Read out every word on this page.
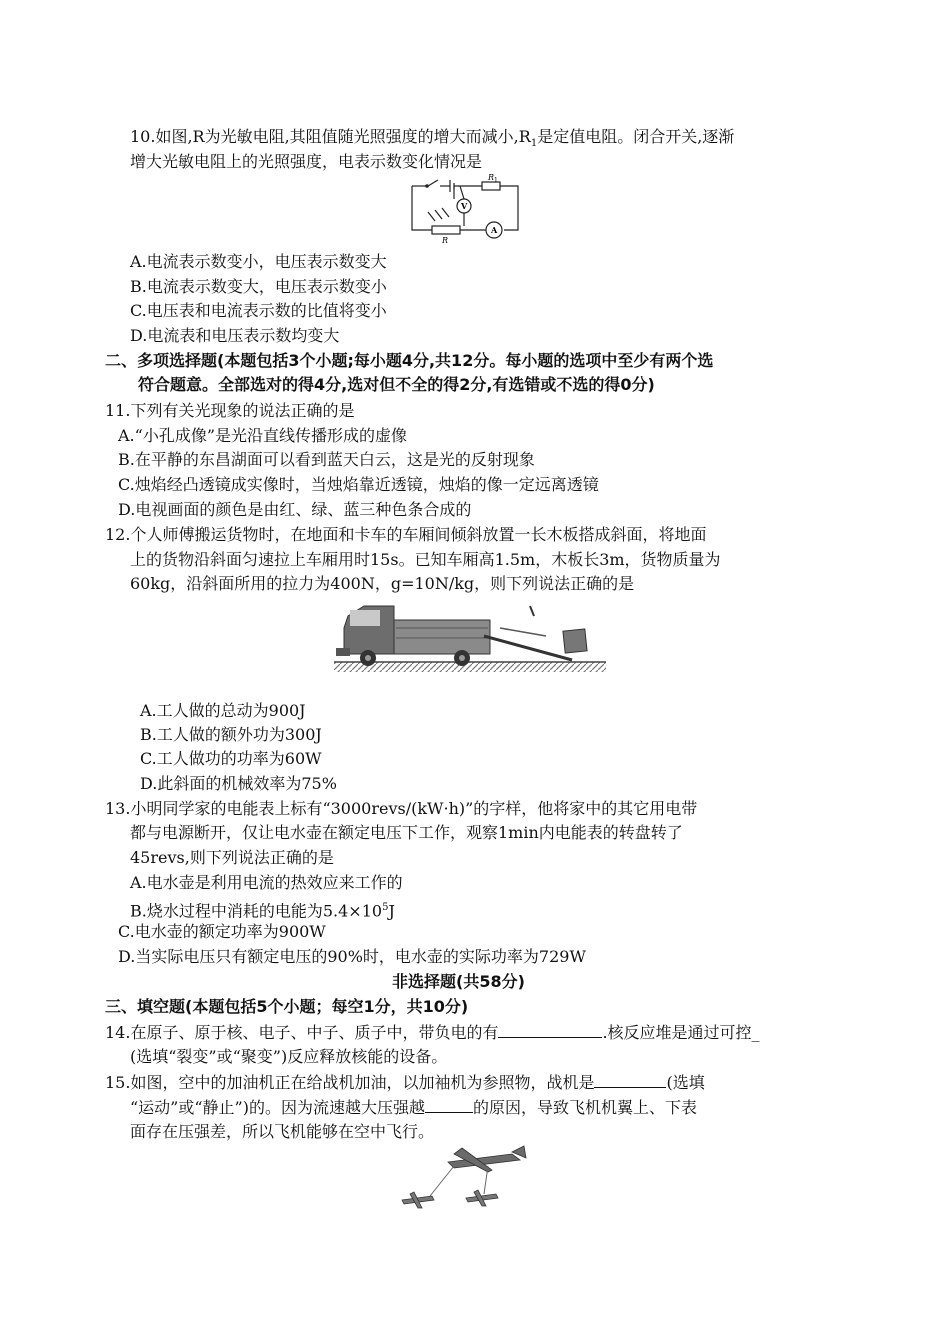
10.如图,R为光敏电阻,其阻值随光照强度的增大而减小$,R_1$是定值电阻。闭合开关,逐渐
增大光敏电阻上的光照强度，电表示数变化情况是
R 1
R
V
A
A.电流表示数变小，电压表示数变大
B.电流表示数变大，电压表示数变小
C.电压表和电流表示数的比值将变小
D.电流表和电压表示数均变大
二、多项选择题(本题包括3个小题;每小题4分,共12分。每小题的选项中至少有两个选
符合题意。全部选对的得4分,选对但不全的得2分,有选错或不选的得0分)
11.下列有关光现象的说法正确的是
A.“小孔成像”是光沿直线传播形成的虚像
B.在平静的东昌湖面可以看到蓝天白云，这是光的反射现象
C.烛焰经凸透镜成实像时，当烛焰靠近透镜，烛焰的像一定远离透镜
D.电视画面的颜色是由红、绿、蓝三种色条合成的
12.个人师傅搬运货物时，在地面和卡车的车厢间倾斜放置一长木板搭成斜面，将地面
上的货物沿斜面匀速拉上车厢用时15s。已知车厢高1.5m，木板长3m，货物质量为
60kg，沿斜面所用的拉力为400N，g=10N/kg，则下列说法正确的是
A.工人做的总动为900J
B.工人做的额外功为300J
C.工人做功的功率为60W
D.此斜面的机械效率为75%
13.小明同学家的电能表上标有“3000revs/(kW·h)”的字样，他将家中的其它用电带
都与电源断开，仅让电水壶在额定电压下工作，观察1min内电能表的转盘转了
45revs,则下列说法正确的是
A.电水壶是利用电流的热效应来工作的
B.烧水过程中消耗的电能为$5.4\times 10^5J$
C.电水壶的额定功率为900W
D.当实际电压只有额定电压的90%时，电水壶的实际功率为729W
非选择题(共58分)
三、填空题(本题包括5个小题；每空1分，共10分)
14.在原子、原于核、电子、中子、质子中，带负电的有	.核反应堆是通过可控_
(选填“裂变”或“聚变”)反应释放核能的设备。
15.如图，空中的加油机正在给战机加油，以加袖机为参照物，战机是	(选填
“运动”或“静止”)的。因为流速越大压强越	的原因，导致飞机机翼上、下表
面存在压强差，所以飞机能够在空中飞行。
